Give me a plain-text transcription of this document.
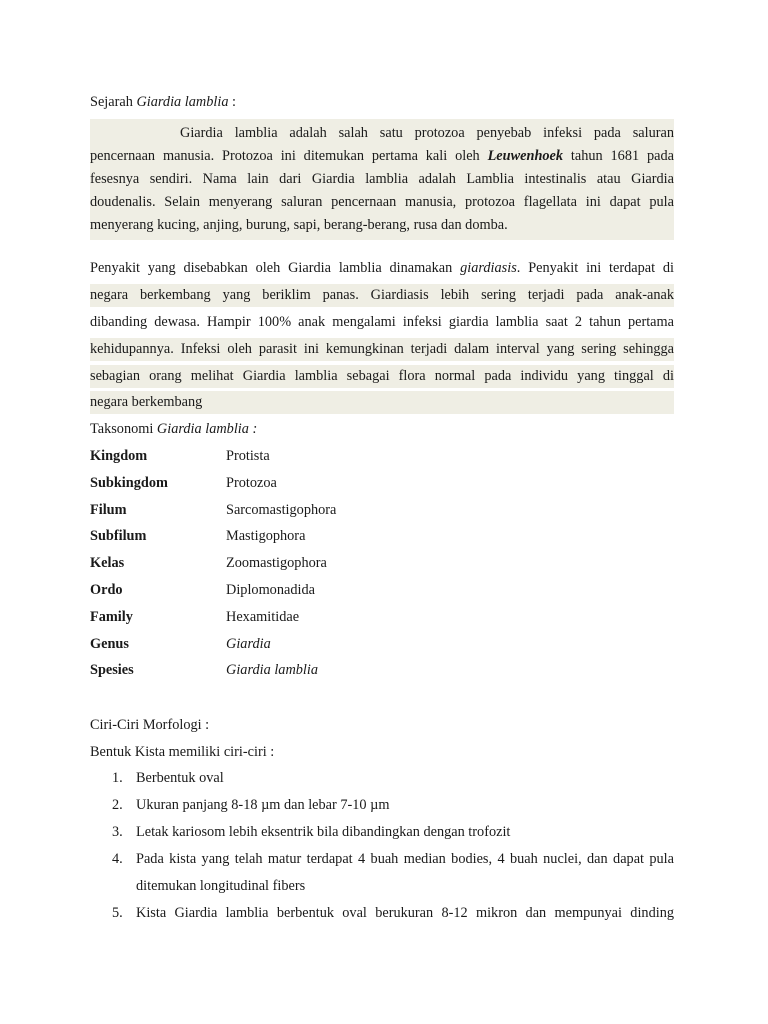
Sejarah Giardia lamblia :
Giardia lamblia adalah salah satu protozoa penyebab infeksi pada saluran
pencernaan manusia. Protozoa ini ditemukan pertama kali oleh Leuwenhoek tahun 1681 pada
fesesnya sendiri. Nama lain dari Giardia lamblia adalah Lamblia intestinalis atau Giardia
doudenalis. Selain menyerang saluran pencernaan manusia, protozoa flagellata ini dapat pula
menyerang kucing, anjing, burung, sapi, berang-berang, rusa dan domba.
Penyakit yang disebabkan oleh Giardia lamblia dinamakan giardiasis. Penyakit ini terdapat di
negara berkembang yang beriklim panas. Giardiasis lebih sering terjadi pada anak-anak
dibanding dewasa. Hampir 100% anak mengalami infeksi giardia lamblia saat 2 tahun pertama
kehidupannya. Infeksi oleh parasit ini kemungkinan terjadi dalam interval yang sering sehingga
sebagian orang melihat Giardia lamblia sebagai flora normal pada individu yang tinggal di
negara berkembang
Taksonomi Giardia lamblia :
Kingdom	Protista
Subkingdom	Protozoa
Filum	Sarcomastigophora
Subfilum	Mastigophora
Kelas	Zoomastigophora
Ordo	Diplomonadida
Family	Hexamitidae
Genus	Giardia
Spesies	Giardia lamblia
Ciri-Ciri Morfologi :
Bentuk Kista memiliki ciri-ciri :
1. Berbentuk oval
2. Ukuran panjang 8-18 µm dan lebar 7-10 µm
3. Letak kariosom lebih eksentrik bila dibandingkan dengan trofozit
4. Pada kista yang telah matur terdapat 4 buah median bodies, 4 buah nuclei, dan dapat pula
ditemukan longitudinal fibers
5. Kista Giardia lamblia berbentuk oval berukuran 8-12 mikron dan mempunyai dinding
